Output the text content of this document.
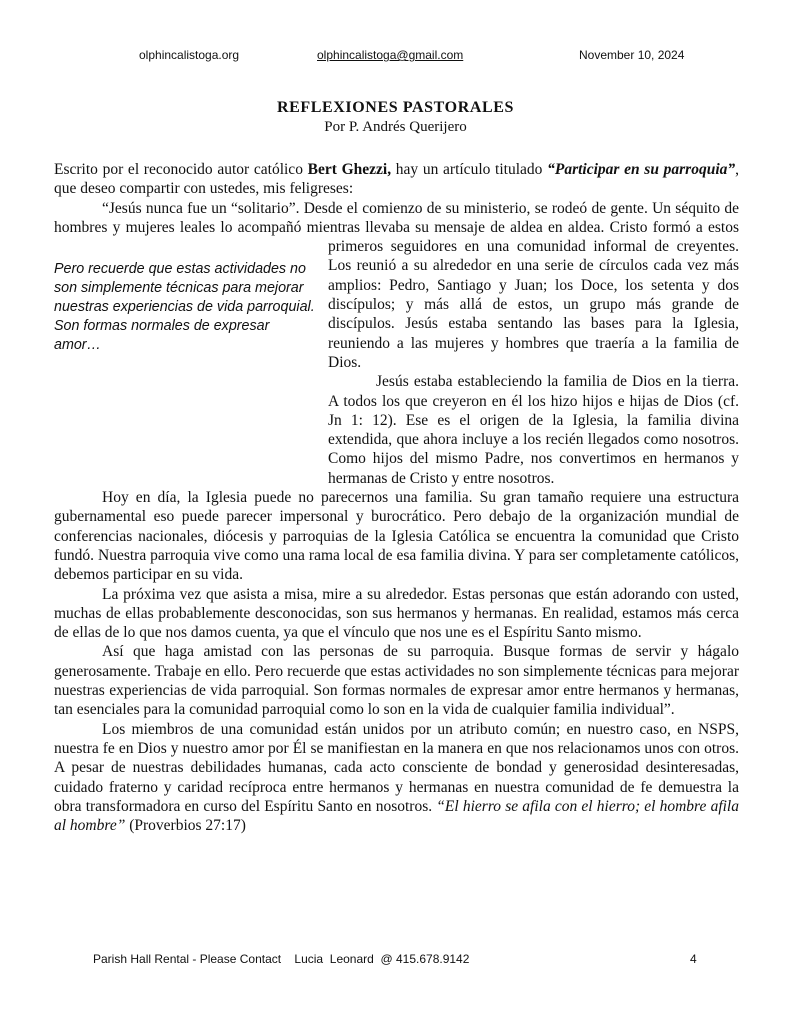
olphincalistoga.org	olphincalistoga@gmail.com	November 10, 2024
REFLEXIONES PASTORALES
Por P. Andrés Querijero

Pero recuerde que estas actividades no son simplemente técnicas para mejorar nuestras experiencias de vida parroquial. Son formas normales de expresar amor…

Escrito por el reconocido autor católico Bert Ghezzi, hay un artículo titulado “Participar en su parroquia”, que deseo compartir con ustedes, mis feligreses:

“Jesús nunca fue un “solitario”. Desde el comienzo de su ministerio, se rodeó de gente. Un séquito de hombres y mujeres leales lo acompañó mientras llevaba su mensaje de aldea en aldea. Cristo formó a estos primeros seguidores en una comunidad informal de creyentes. Los reunió a su alrededor en una serie de círculos cada vez más amplios: Pedro, Santiago y Juan; los Doce, los setenta y dos discípulos; y más allá de estos, un grupo más grande de discípulos. Jesús estaba sentando las bases para la Iglesia, reuniendo a las mujeres y hombres que traería a la familia de Dios.

Jesús estaba estableciendo la familia de Dios en la tierra. A todos los que creyeron en él los hizo hijos e hijas de Dios (cf. Jn 1: 12). Ese es el origen de la Iglesia, la familia divina extendida, que ahora incluye a los recién llegados como nosotros. Como hijos del mismo Padre, nos convertimos en hermanos y hermanas de Cristo y entre nosotros.

Hoy en día, la Iglesia puede no parecernos una familia. Su gran tamaño requiere una estructura gubernamental eso puede parecer impersonal y burocrático. Pero debajo de la organización mundial de conferencias nacionales, diócesis y parroquias de la Iglesia Católica se encuentra la comunidad que Cristo fundó. Nuestra parroquia vive como una rama local de esa familia divina. Y para ser completamente católicos, debemos participar en su vida.

La próxima vez que asista a misa, mire a su alrededor. Estas personas que están adorando con usted, muchas de ellas probablemente desconocidas, son sus hermanos y hermanas. En realidad, estamos más cerca de ellas de lo que nos damos cuenta, ya que el vínculo que nos une es el Espíritu Santo mismo.

Así que haga amistad con las personas de su parroquia. Busque formas de servir y hágalo generosamente. Trabaje en ello. Pero recuerde que estas actividades no son simplemente técnicas para mejorar nuestras experiencias de vida parroquial. Son formas normales de expresar amor entre hermanos y hermanas, tan esenciales para la comunidad parroquial como lo son en la vida de cualquier familia individual”.

Los miembros de una comunidad están unidos por un atributo común; en nuestro caso, en NSPS, nuestra fe en Dios y nuestro amor por Él se manifiestan en la manera en que nos relacionamos unos con otros. A pesar de nuestras debilidades humanas, cada acto consciente de bondad y generosidad desinteresadas, cuidado fraterno y caridad recíproca entre hermanos y hermanas en nuestra comunidad de fe demuestra la obra transformadora en curso del Espíritu Santo en nosotros. “El hierro se afila con el hierro; el hombre afila al hombre” (Proverbios 27:17)

Parish Hall Rental - Please Contact    Lucia  Leonard  @ 415.678.9142	4
